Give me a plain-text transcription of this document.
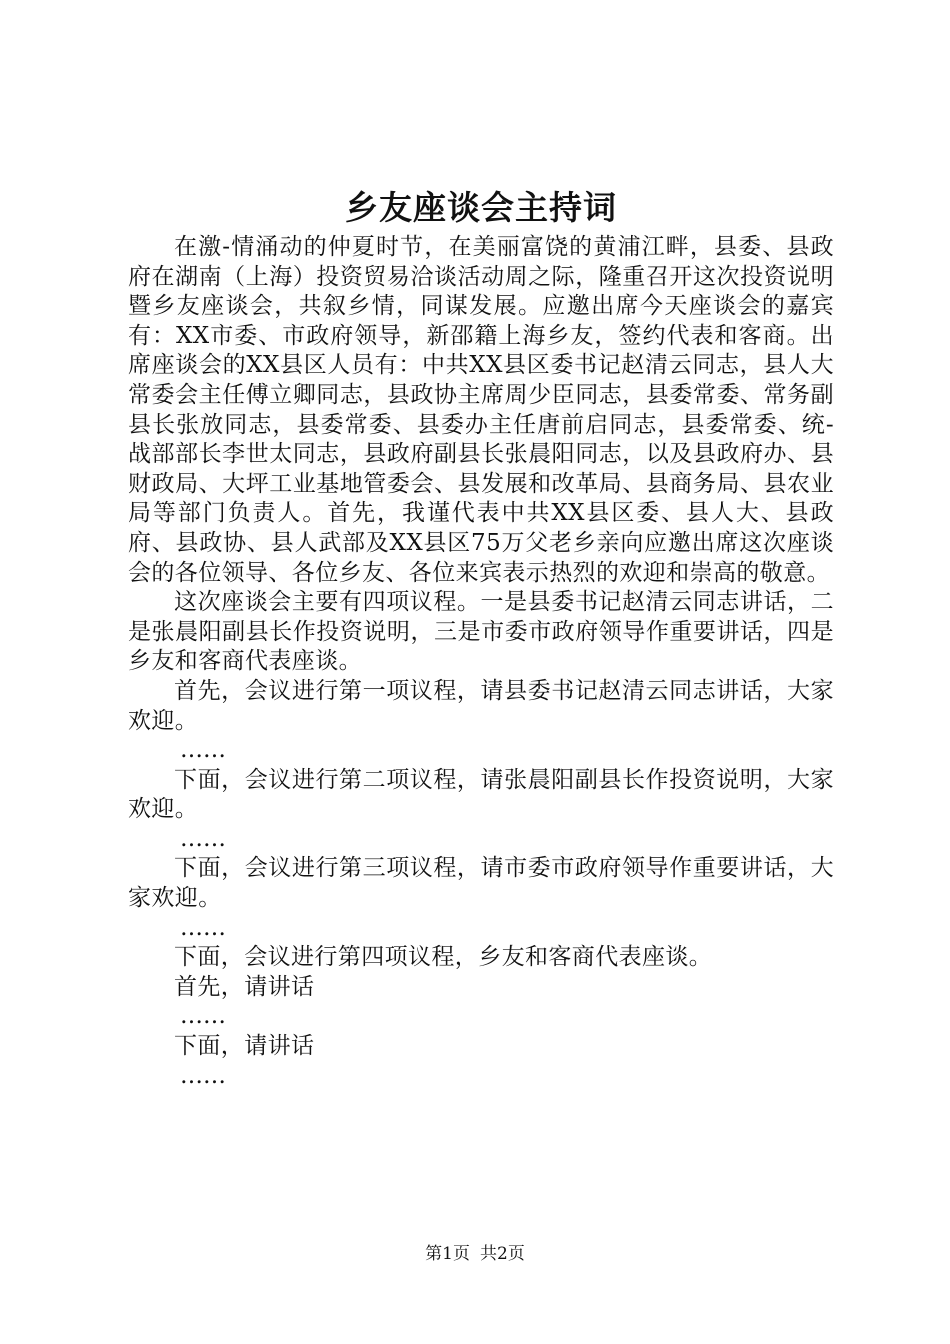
乡友座谈会主持词

在激-情涌动的仲夏时节，在美丽富饶的黄浦江畔，县委、县政府在湖南（上海）投资贸易洽谈活动周之际，隆重召开这次投资说明暨乡友座谈会，共叙乡情，同谋发展。应邀出席今天座谈会的嘉宾有：XX市委、市政府领导，新邵籍上海乡友，签约代表和客商。出席座谈会的XX县区人员有：中共XX县区委书记赵清云同志，县人大常委会主任傅立卿同志，县政协主席周少臣同志，县委常委、常务副县长张放同志，县委常委、县委办主任唐前启同志，县委常委、统-战部部长李世太同志，县政府副县长张晨阳同志，以及县政府办、县财政局、大坪工业基地管委会、县发展和改革局、县商务局、县农业局等部门负责人。首先，我谨代表中共XX县区委、县人大、县政府、县政协、县人武部及XX县区75万父老乡亲向应邀出席这次座谈会的各位领导、各位乡友、各位来宾表示热烈的欢迎和崇高的敬意。

这次座谈会主要有四项议程。一是县委书记赵清云同志讲话，二是张晨阳副县长作投资说明，三是市委市政府领导作重要讲话，四是乡友和客商代表座谈。

首先，会议进行第一项议程，请县委书记赵清云同志讲话，大家欢迎。

……

下面，会议进行第二项议程，请张晨阳副县长作投资说明，大家欢迎。

……

下面，会议进行第三项议程，请市委市政府领导作重要讲话，大家欢迎。

……

下面，会议进行第四项议程，乡友和客商代表座谈。

首先，请讲话

……

下面，请讲话

……

第1页 共2页
